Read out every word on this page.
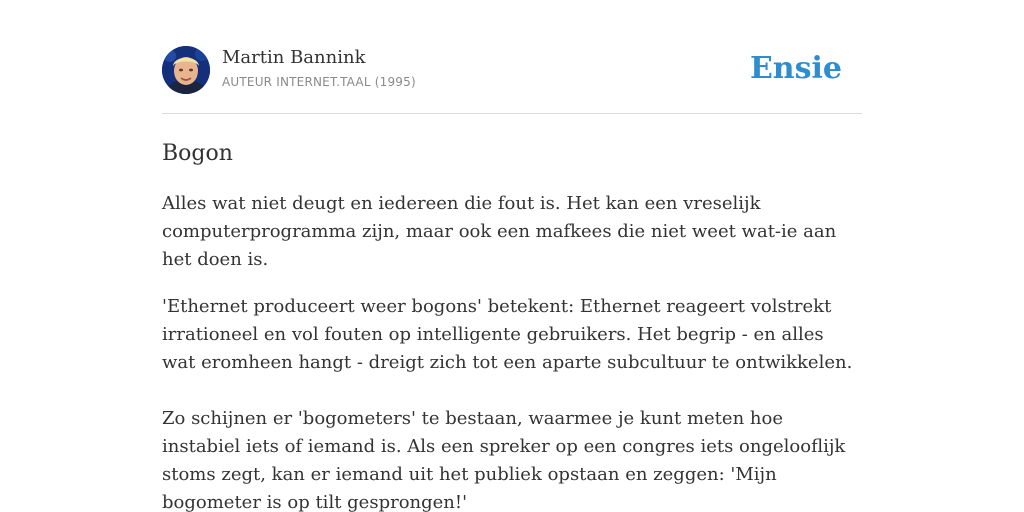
Martin Bannink
AUTEUR INTERNET.TAAL (1995)	Ensie
Bogon

Alles wat niet deugt en iedereen die fout is. Het kan een vreselijk computerprogramma zijn, maar ook een mafkees die niet weet wat-ie aan het doen is.

'Ethernet produceert weer bogons' betekent: Ethernet reageert volstrekt irrationeel en vol fouten op intelligente gebruikers. Het begrip - en alles wat eromheen hangt - dreigt zich tot een aparte subcultuur te ontwikkelen.

Zo schijnen er 'bogometers' te bestaan, waarmee je kunt meten hoe instabiel iets of iemand is. Als een spreker op een congres iets ongelooflijk stoms zegt, kan er iemand uit het publiek opstaan en zeggen: 'Mijn bogometer is op tilt gesprongen!'
